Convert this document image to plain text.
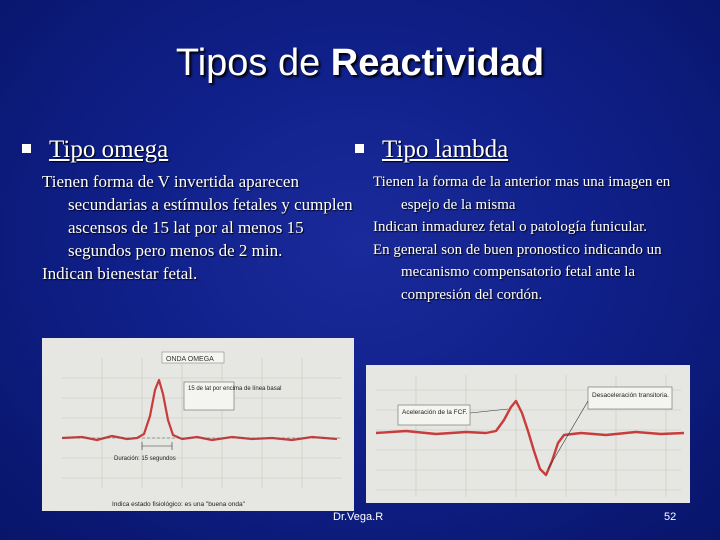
Tipos de Reactividad
Tipo omega

Tienen forma de V invertida aparecen secundarias a estímulos fetales y cumplen ascensos de 15 lat por al menos 15 segundos pero menos de 2 min.

Indican bienestar fetal.

ONDA OMEGA
15 de lat por encima de línea basal
Duración: 15 segundos
Indica estado fisiológico: es una "buena onda"
Tipo lambda

Tienen la forma de la anterior mas una imagen en espejo de la misma

Indican inmadurez fetal o patología funicular.

En general son de buen pronostico indicando un mecanismo compensatorio fetal ante la compresión del cordón.

Aceleración de la FCF.
Desaceleración transitoria.
Dr.Vega.R	52
